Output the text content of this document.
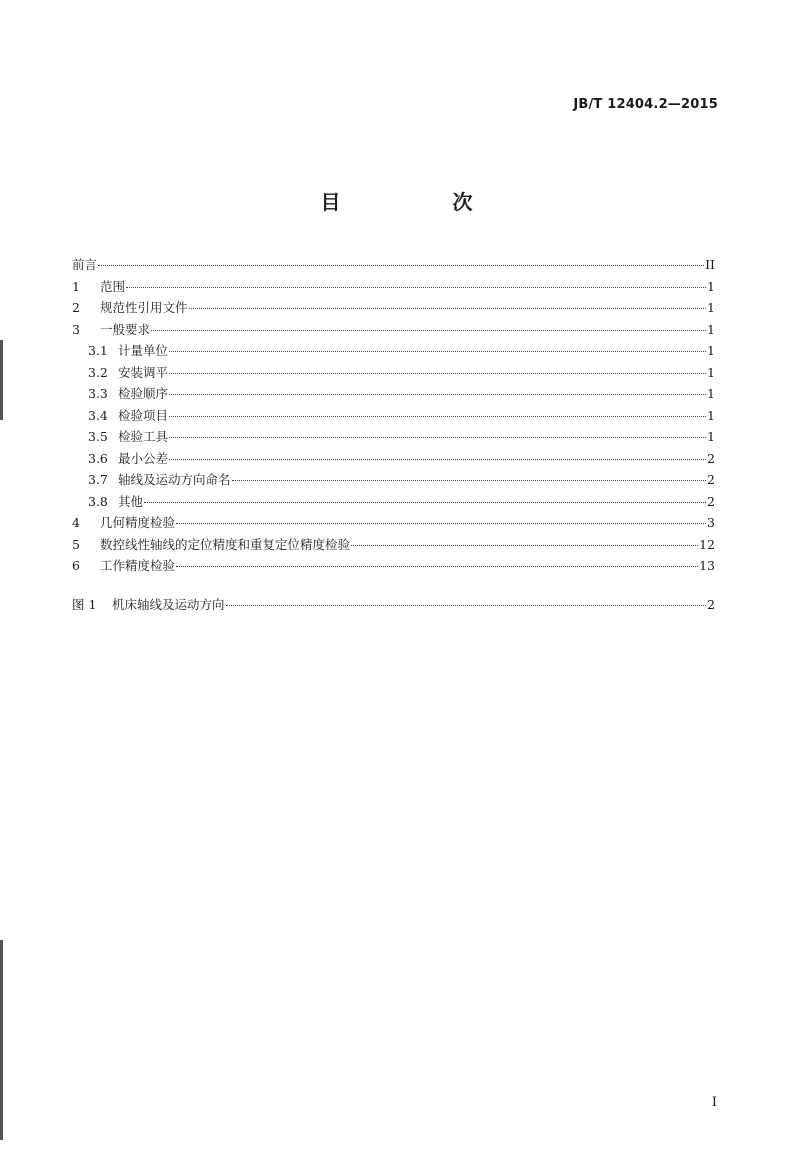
JB/T 12404.2—2015
目　次
前言	II
1	范围	1
2	规范性引用文件	1
3	一般要求	1
3.1 计量单位	1
3.2 安装调平	1
3.3 检验顺序	1
3.4 检验项目	1
3.5 检验工具	1
3.6 最小公差	2
3.7 轴线及运动方向命名	2
3.8 其他	2
4	几何精度检验	3
5	数控线性轴线的定位精度和重复定位精度检验	12
6	工作精度检验	13
图 1	机床轴线及运动方向	2
I
